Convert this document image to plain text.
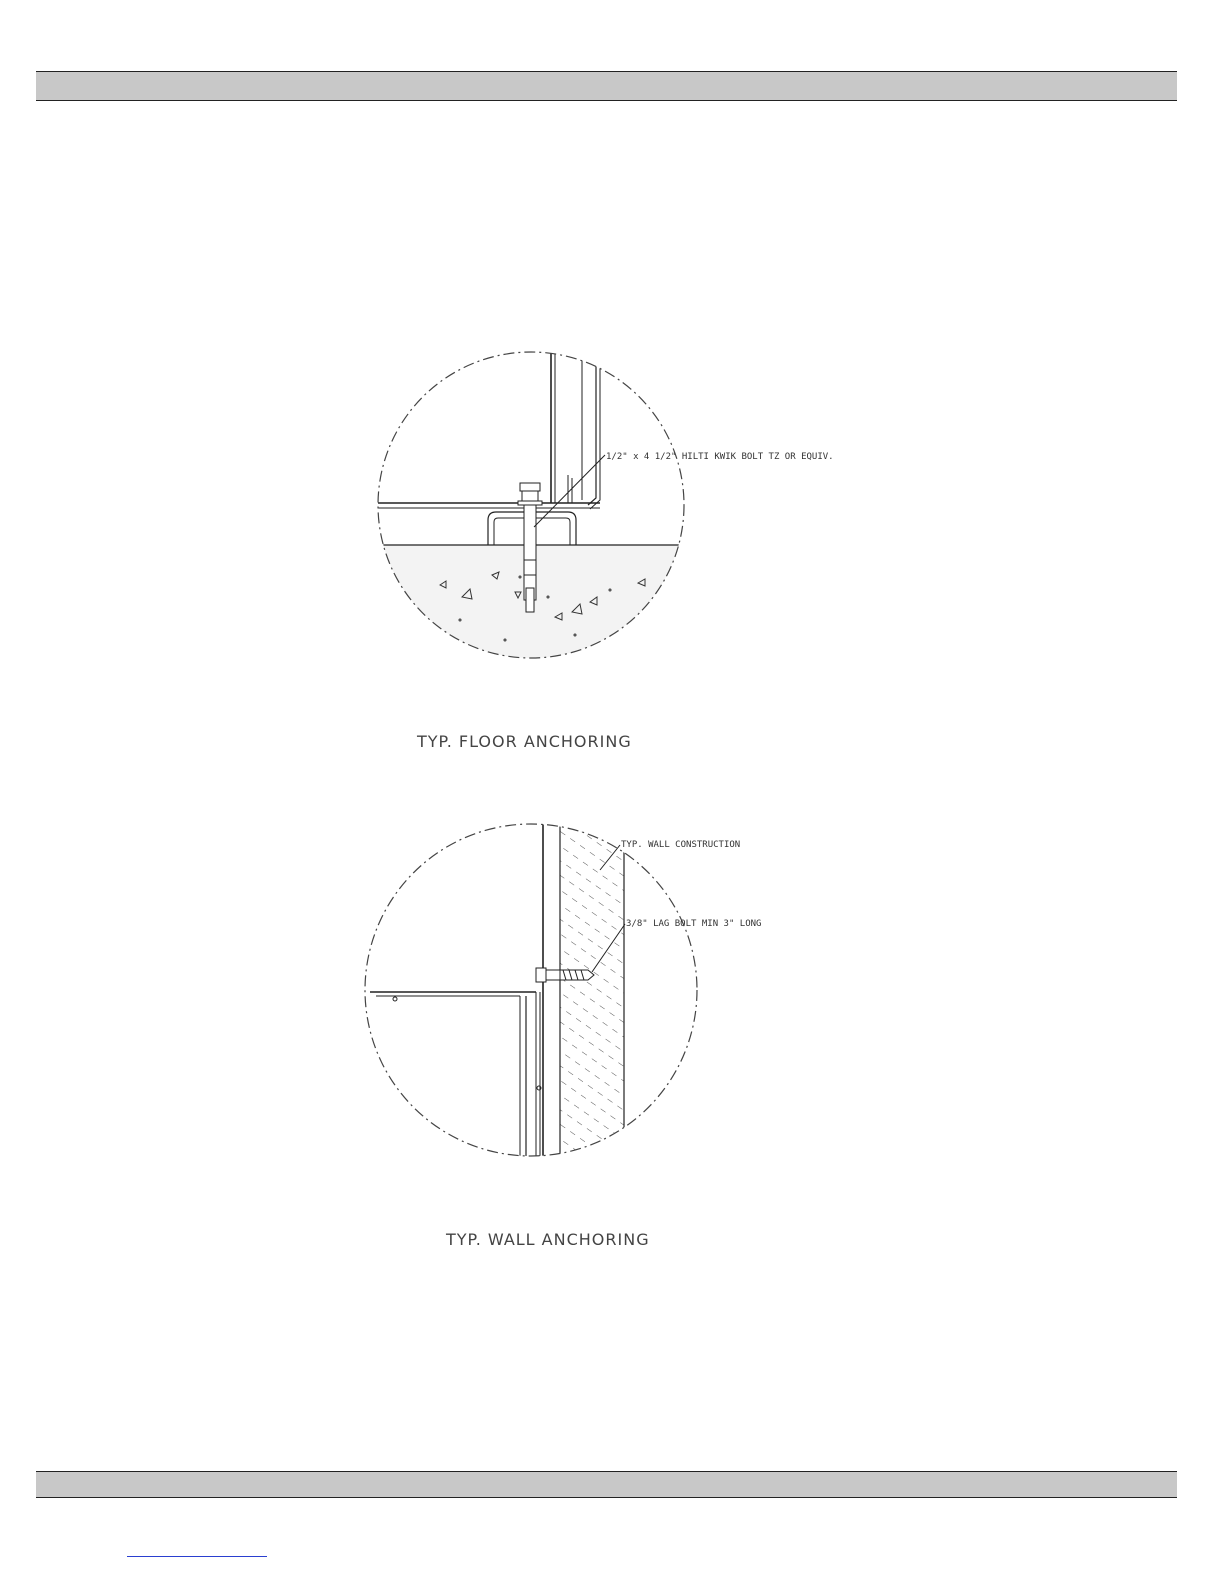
1/2" x 4 1/2" HILTI KWIK BOLT TZ OR EQUIV.
TYP. FLOOR ANCHORING
TYP. WALL CONSTRUCTION
3/8" LAG BOLT MIN 3" LONG
TYP. WALL ANCHORING
